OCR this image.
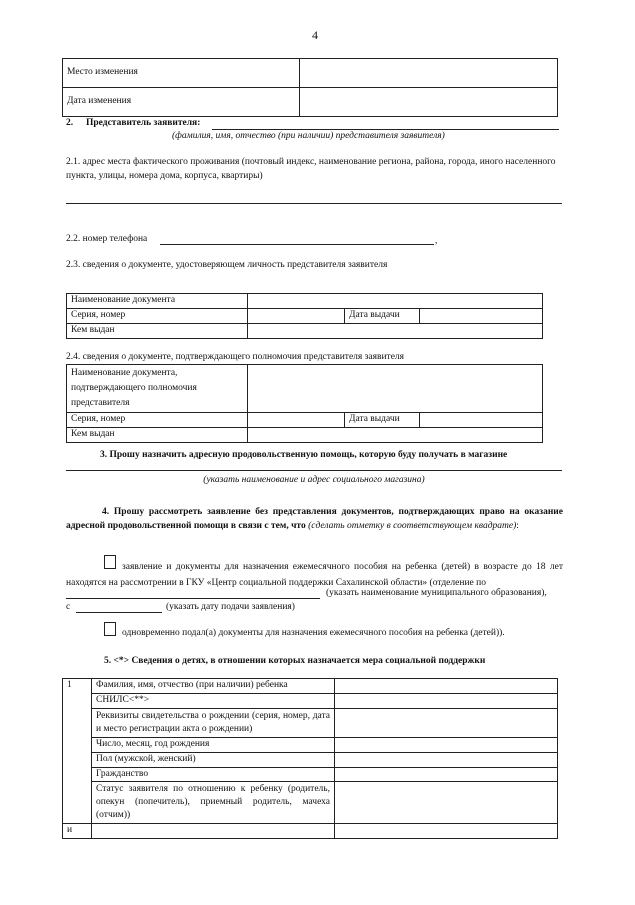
4
Место изменения	
Дата изменения	
2. Представитель заявителя:
(фамилия, имя, отчество (при наличии) представителя заявителя)
2.1. адрес места фактического проживания (почтовый индекс, наименование региона, района, города, иного населенного пункта, улицы, номера дома, корпуса, квартиры)
2.2. номер телефона	,
2.3. сведения о документе, удостоверяющем личность представителя заявителя
Наименование документа			
Серия, номер		Дата выдачи	
Кем выдан			
2.4. сведения о документе, подтверждающего полномочия представителя заявителя
Наименование документа, подтверждающего полномочия представителя			
Серия, номер		Дата выдачи	
Кем выдан			
3. Прошу назначить адресную продовольственную помощь, которую буду получать в магазине
(указать наименование и адрес социального магазина)
4. Прошу рассмотреть заявление без представления документов, подтверждающих право на оказание адресной продовольственной помощи в связи с тем, что (сделать отметку в соответствующем квадрате):
заявление и документы для назначения ежемесячного пособия на ребенка (детей) в возрасте до 18 лет находятся на рассмотрении в ГКУ «Центр социальной поддержки Сахалинской области» (отделение по
(указать наименование муниципального образования),
с	(указать дату подачи заявления)
одновременно подал(а) документы для назначения ежемесячного пособия на ребенка (детей)).
5. <*> Сведения о детях, в отношении которых назначается мера социальной поддержки
1	Фамилия, имя, отчество (при наличии) ребенка	
	СНИЛС<**>	
	Реквизиты свидетельства о рождении (серия, номер, дата и место регистрации акта о рождении)	
	Число, месяц, год рождения	
	Пол (мужской, женский)	
	Гражданство	
	Статус заявителя по отношению к ребенку (родитель, опекун (попечитель), приемный родитель, мачеха (отчим))	
и		
